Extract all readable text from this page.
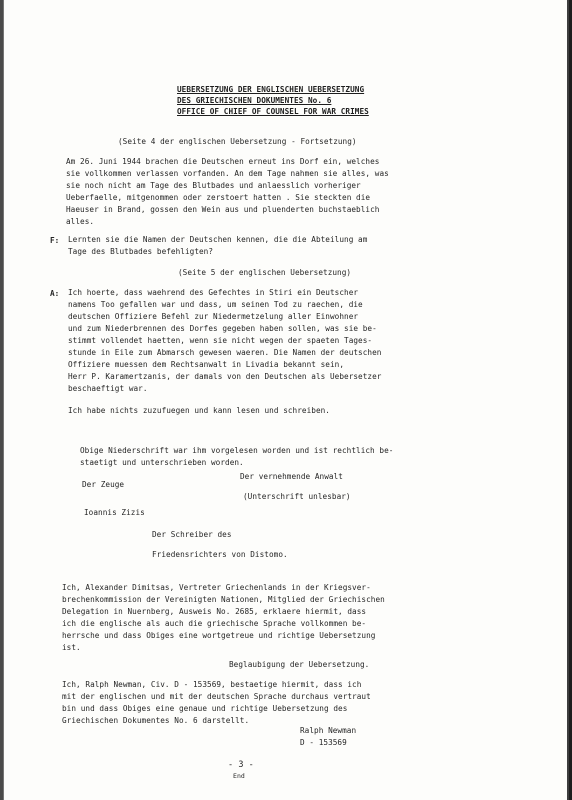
UEBERSETZUNG DER ENGLISCHEN UEBERSETZUNG
DES GRIECHISCHEN DOKUMENTES No. 6
OFFICE OF CHIEF OF COUNSEL FOR WAR CRIMES
(Seite 4 der englischen Uebersetzung - Fortsetzung)
Am 26. Juni 1944 brachen die Deutschen erneut ins Dorf ein, welches
sie vollkommen verlassen vorfanden. An dem Tage nahmen sie alles, was
sie noch nicht am Tage des Blutbades und anlaesslich vorheriger
Ueberfaelle, mitgenommen oder zerstoert hatten . Sie steckten die
Haeuser in Brand, gossen den Wein aus und pluenderten buchstaeblich
alles.
F: Lernten sie die Namen der Deutschen kennen, die die Abteilung am
Tage des Blutbades befehligten?
(Seite 5 der englischen Uebersetzung)
A: Ich hoerte, dass waehrend des Gefechtes in Stiri ein Deutscher
namens Too gefallen war und dass, um seinen Tod zu raechen, die
deutschen Offiziere Befehl zur Niedermetzelung aller Einwohner
und zum Niederbrennen des Dorfes gegeben haben sollen, was sie be-
stimmt vollendet haetten, wenn sie nicht wegen der spaeten Tages-
stunde in Eile zum Abmarsch gewesen waeren. Die Namen der deutschen
Offiziere muessen dem Rechtsanwalt in Livadia bekannt sein,
Herr P. Karamertzanis, der damals von den Deutschen als Uebersetzer
beschaeftigt war.
Ich habe nichts zuzufuegen und kann lesen und schreiben.
Obige Niederschrift war ihm vorgelesen worden und ist rechtlich be-
staetigt und unterschrieben worden.
Der Zeuge
Der vernehmende Anwalt
(Unterschrift unlesbar)
Ioannis Zizis
Der Schreiber des
Friedensrichters von Distomo.
Ich, Alexander Dimitsas, Vertreter Griechenlands in der Kriegsver-
brechenkommission der Vereinigten Nationen, Mitglied der Griechischen
Delegation in Nuernberg, Ausweis No. 2685, erklaere hiermit, dass
ich die englische als auch die griechische Sprache vollkommen be-
herrsche und dass Obiges eine wortgetreue und richtige Uebersetzung
ist.
Beglaubigung der Uebersetzung.
Ich, Ralph Newman, Civ. D - 153569, bestaetige hiermit, dass ich
mit der englischen und mit der deutschen Sprache durchaus vertraut
bin und dass Obiges eine genaue und richtige Uebersetzung des
Griechischen Dokumentes No. 6 darstellt.
Ralph Newman
D - 153569
- 3 -
End
